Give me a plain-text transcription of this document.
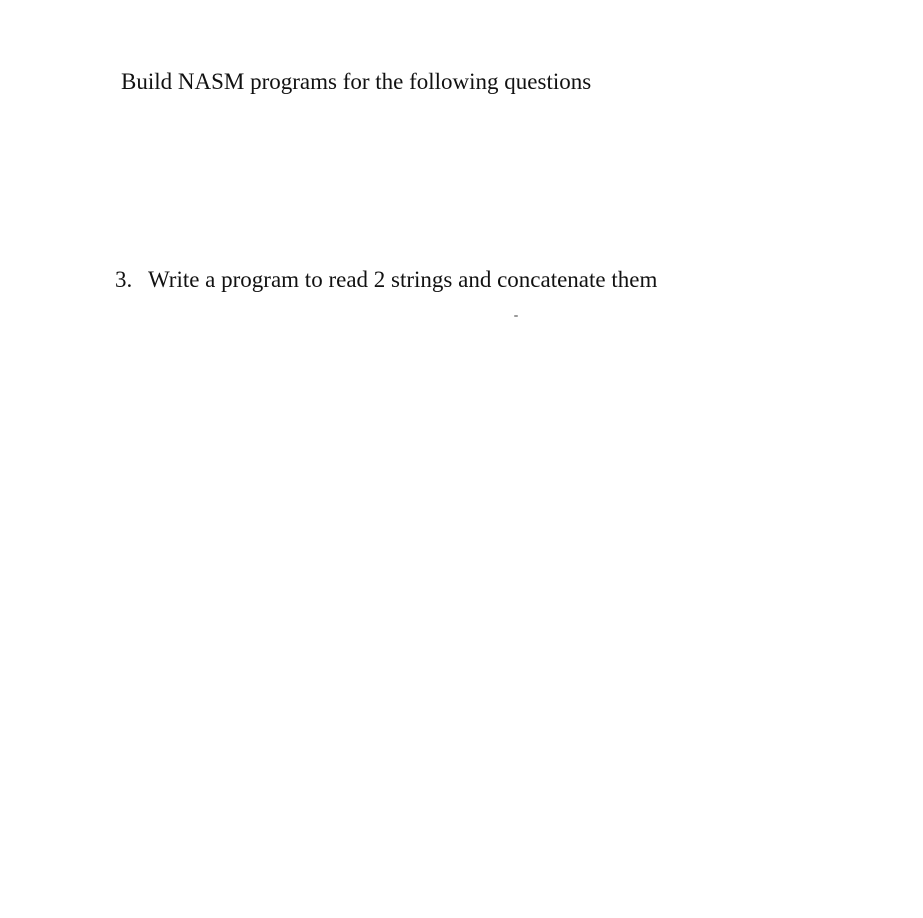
Build NASM programs for the following questions
3. Write a program to read 2 strings and concatenate them
